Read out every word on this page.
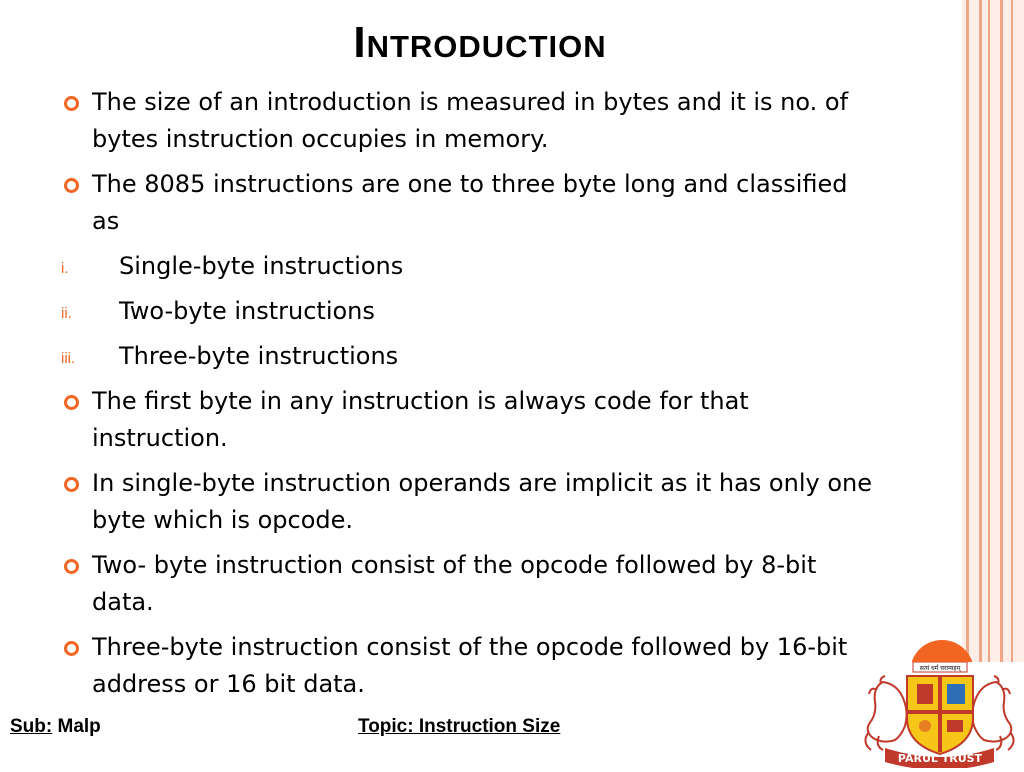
Introduction
The size of an introduction is measured in bytes and it is no. of bytes instruction occupies in memory.
The 8085 instructions are one to three byte long and classified as
i. Single-byte instructions
ii. Two-byte instructions
iii. Three-byte instructions
The first byte in any instruction is always code for that instruction.
In single-byte instruction operands are implicit as it has only one byte which is opcode.
Two- byte instruction consist of the opcode followed by 8-bit data.
Three-byte instruction consist of the opcode followed by 16-bit address or 16 bit data.
Sub: Malp	Topic: Instruction Size
सत्यं धर्मं चराम्यहम्
PARUL TRUST
